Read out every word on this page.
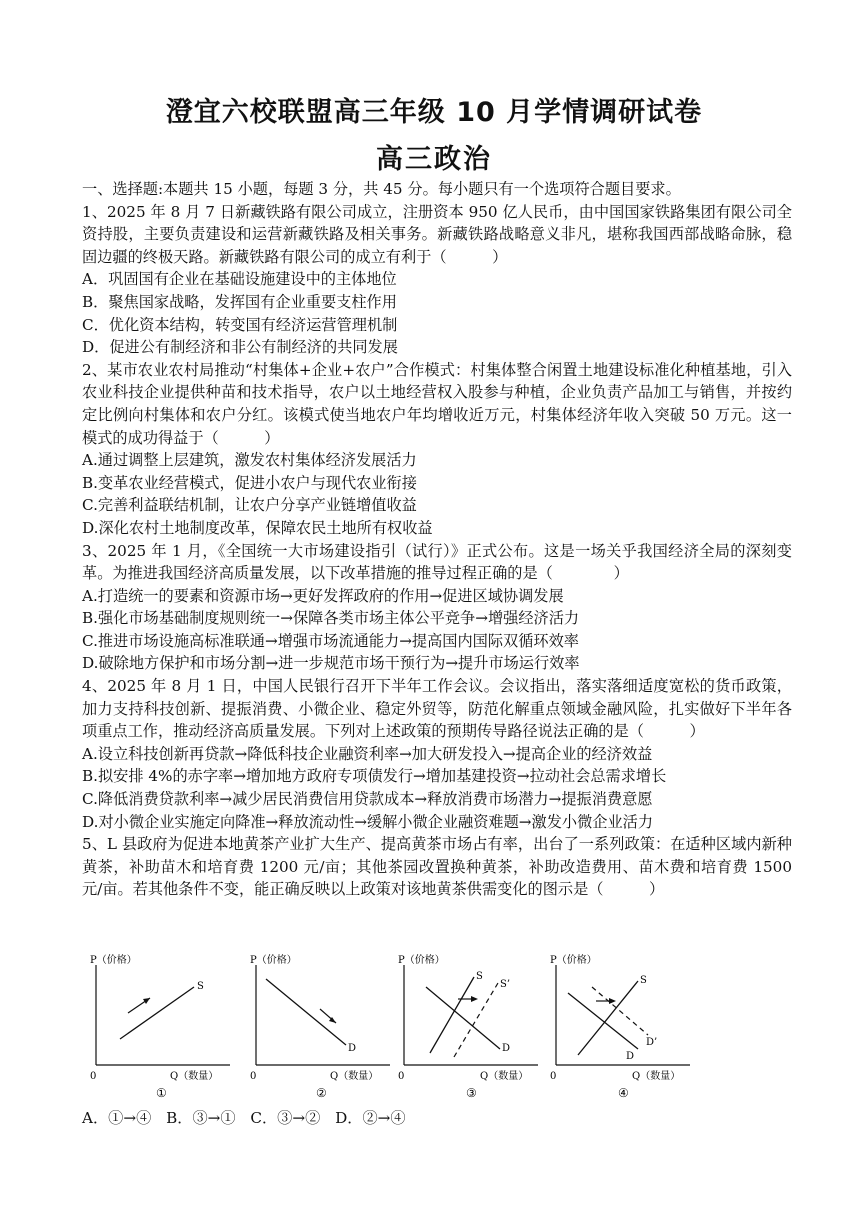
澄宜六校联盟高三年级 10 月学情调研试卷
高三政治

一、选择题:本题共 15 小题，每题 3 分，共 45 分。每小题只有一个选项符合题目要求。

1、2025 年 8 月 7 日新藏铁路有限公司成立，注册资本 950 亿人民币，由中国国家铁路集团有限公司全资持股，主要负责建设和运营新藏铁路及相关事务。新藏铁路战略意义非凡，堪称我国西部战略命脉，稳固边疆的终极天路。新藏铁路有限公司的成立有利于（　　　）

A．巩固国有企业在基础设施建设中的主体地位

B．聚焦国家战略，发挥国有企业重要支柱作用

C．优化资本结构，转变国有经济运营管理机制

D．促进公有制经济和非公有制经济的共同发展

2、某市农业农村局推动“村集体+企业+农户”合作模式：村集体整合闲置土地建设标准化种植基地，引入农业科技企业提供种苗和技术指导，农户以土地经营权入股参与种植，企业负责产品加工与销售，并按约定比例向村集体和农户分红。该模式使当地农户年均增收近万元，村集体经济年收入突破 50 万元。这一模式的成功得益于（　　　）

A.通过调整上层建筑，激发农村集体经济发展活力

B.变革农业经营模式，促进小农户与现代农业衔接

C.完善利益联结机制，让农户分享产业链增值收益

D.深化农村土地制度改革，保障农民土地所有权收益

3、2025 年 1 月，《全国统一大市场建设指引（试行）》正式公布。这是一场关乎我国经济全局的深刻变革。为推进我国经济高质量发展，以下改革措施的推导过程正确的是（　　　　）

A.打造统一的要素和资源市场→更好发挥政府的作用→促进区域协调发展

B.强化市场基础制度规则统一→保障各类市场主体公平竞争→增强经济活力

C.推进市场设施高标准联通→增强市场流通能力→提高国内国际双循环效率

D.破除地方保护和市场分割→进一步规范市场干预行为→提升市场运行效率

4、2025 年 8 月 1 日，中国人民银行召开下半年工作会议。会议指出，落实落细适度宽松的货币政策，加力支持科技创新、提振消费、小微企业、稳定外贸等，防范化解重点领域金融风险，扎实做好下半年各项重点工作，推动经济高质量发展。下列对上述政策的预期传导路径说法正确的是（　　　）

A.设立科技创新再贷款→降低科技企业融资利率→加大研发投入→提高企业的经济效益

B.拟安排 4%的赤字率→增加地方政府专项债发行→增加基建投资→拉动社会总需求增长

C.降低消费贷款利率→减少居民消费信用贷款成本→释放消费市场潜力→提振消费意愿

D.对小微企业实施定向降准→释放流动性→缓解小微企业融资难题→激发小微企业活力

5、L 县政府为促进本地黄茶产业扩大生产、提高黄茶市场占有率，出台了一系列政策：在适种区域内新种黄茶，补助苗木和培育费 1200 元/亩；其他茶园改置换种黄茶，补助改造费用、苗木费和培育费 1500 元/亩。若其他条件不变，能正确反映以上政策对该地黄茶供需变化的图示是（　　　）

P（价格）
S
0	Q（数量）
①
P（价格）
D
0	Q（数量）
②
P（价格）
S
S’
D
0	Q（数量）
③
P（价格）
S
D
D’
0	Q（数量）
④
A．①→④ B．③→① C．③→② D．②→④
